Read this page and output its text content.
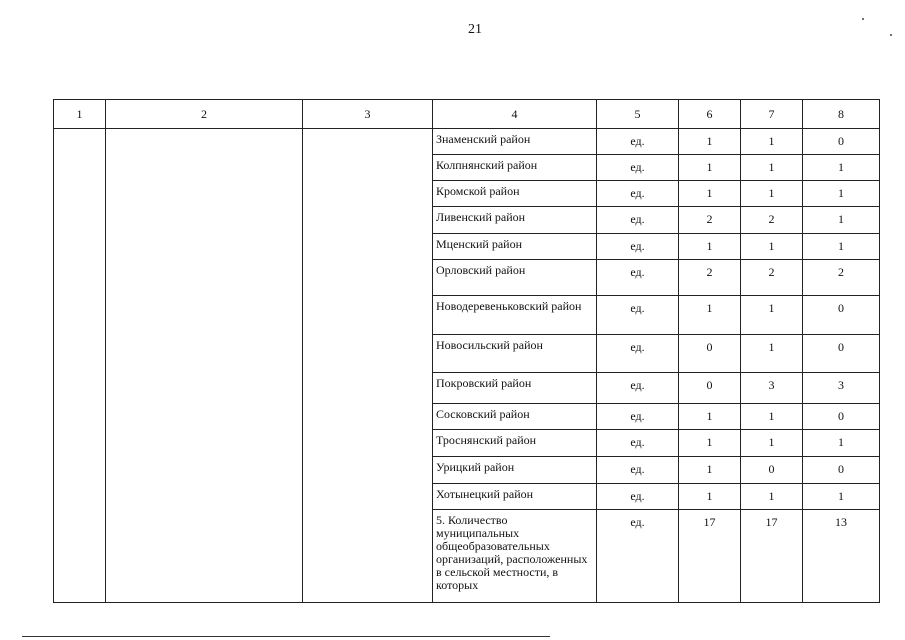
21
1	2	3	4	5	6	7	8
			Знаменский район	ед.	1	1	0
			Колпнянский район	ед.	1	1	1
			Кромской район	ед.	1	1	1
			Ливенский район	ед.	2	2	1
			Мценский район	ед.	1	1	1
			Орловский район	ед.	2	2	2
			Новодеревеньковский район	ед.	1	1	0
			Новосильский район	ед.	0	1	0
			Покровский район	ед.	0	3	3
			Сосковский район	ед.	1	1	0
			Троснянский район	ед.	1	1	1
			Урицкий район	ед.	1	0	0
			Хотынецкий район	ед.	1	1	1
			5. Количество муниципальных общеобразовательных организаций, расположенных в сельской местности, в которых	ед.	17	17	13
